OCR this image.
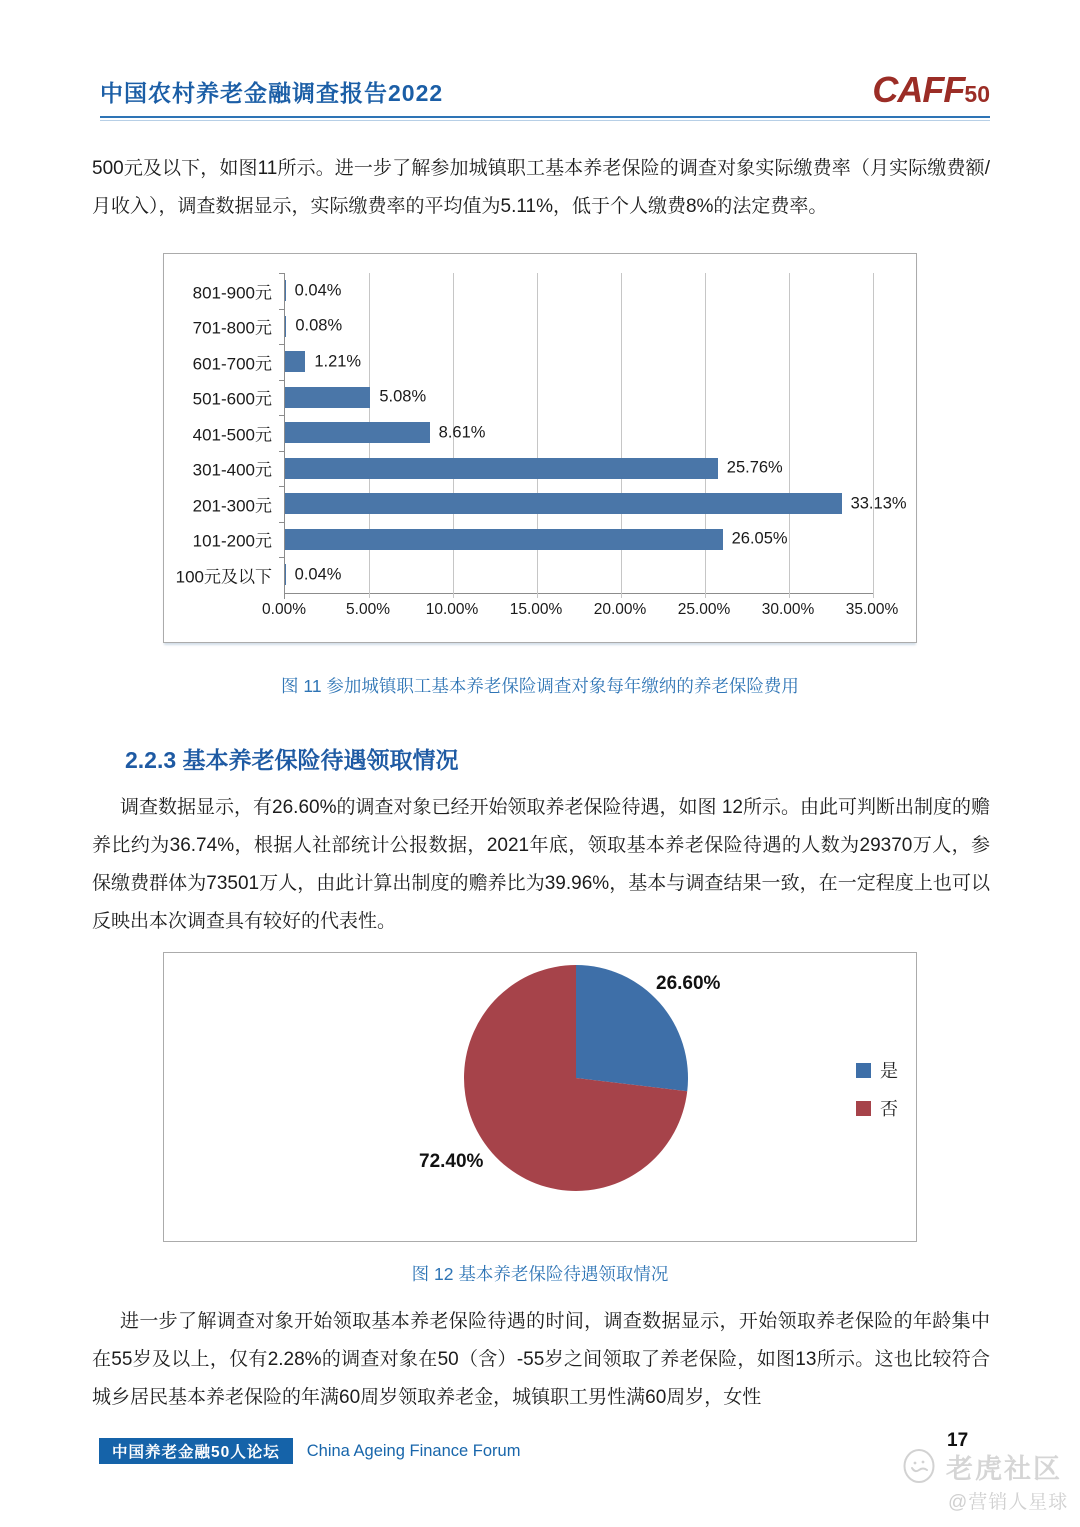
中国农村养老金融调查报告2022	CAFF50
500元及以下，如图11所示。进一步了解参加城镇职工基本养老保险的调查对象实际缴费率（月实际缴费额/月收入），调查数据显示，实际缴费率的平均值为5.11%，低于个人缴费8%的法定费率。
801-900元 0.04%
701-800元 0.08%
601-700元	1.21%
501-600元	5.08%
401-500元	8.61%
301-400元	25.76%
201-300元	33.13%
101-200元	26.05%
100元及以下 0.04%
0.00%	5.00% 10.00% 15.00% 20.00% 25.00% 30.00% 35.00%
图 11 参加城镇职工基本养老保险调查对象每年缴纳的养老保险费用
2.2.3 基本养老保险待遇领取情况
调查数据显示，有26.60%的调查对象已经开始领取养老保险待遇，如图 12所示。由此可判断出制度的赡养比约为36.74%，根据人社部统计公报数据，2021年底，领取基本养老保险待遇的人数为29370万人，参保缴费群体为73501万人，由此计算出制度的赡养比为39.96%，基本与调查结果一致，在一定程度上也可以反映出本次调查具有较好的代表性。
26.60%
72.40%
是
否
图 12 基本养老保险待遇领取情况
进一步了解调查对象开始领取基本养老保险待遇的时间，调查数据显示，开始领取养老保险的年龄集中在55岁及以上，仅有2.28%的调查对象在50（含）-55岁之间领取了养老保险，如图13所示。这也比较符合城乡居民基本养老保险的年满60周岁领取养老金，城镇职工男性满60周岁，女性
中国养老金融50人论坛	China Ageing Finance Forum	17
老虎社区
@营销人星球
